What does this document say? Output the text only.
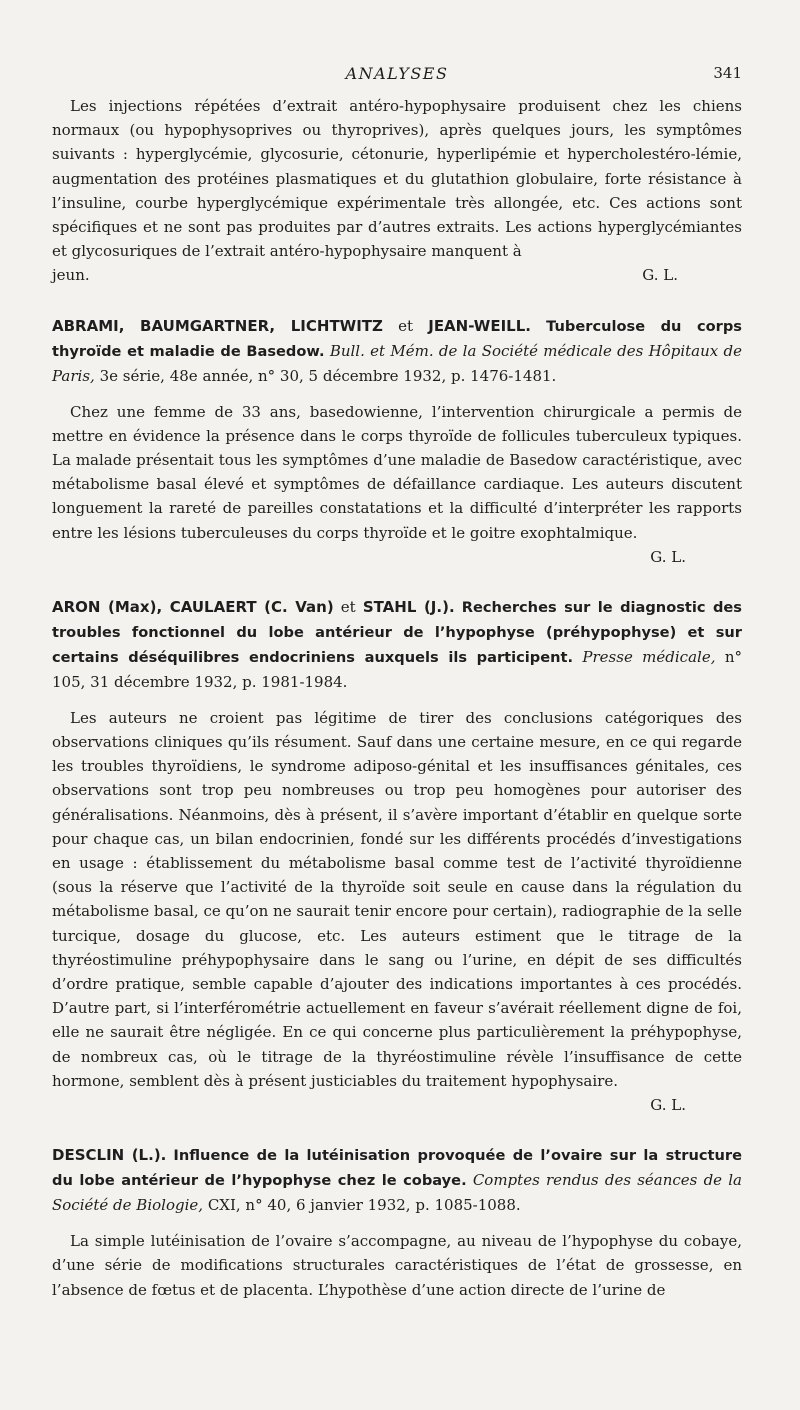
ANALYSES	341

Les injections répétées d’extrait antéro-hypophysaire produisent chez les chiens normaux (ou hypophysoprives ou thyroprives), après quelques jours, les symptômes suivants : hyperglycémie, glycosurie, cétonurie, hyperlipémie et hypercholestéro-lémie, augmentation des protéines plasmatiques et du glutathion globulaire, forte résistance à l’insuline, courbe hyperglycémique expérimentale très allongée, etc. Ces actions sont spécifiques et ne sont pas produites par d’autres extraits. Les actions hyperglycémiantes et glycosuriques de l’extrait antéro-hypophysaire manquent à

jeun.	G. L.
ABRAMI, BAUMGARTNER, LICHTWITZ et JEAN-WEILL. Tuberculose du corps thyroïde et maladie de Basedow. Bull. et Mém. de la Société médicale des Hôpitaux de Paris, 3e série, 48e année, n° 30, 5 décembre 1932, p. 1476-1481.

Chez une femme de 33 ans, basedowienne, l’intervention chirurgicale a permis de mettre en évidence la présence dans le corps thyroïde de follicules tuberculeux typiques. La malade présentait tous les symptômes d’une maladie de Basedow caractéristique, avec métabolisme basal élevé et symptômes de défaillance cardiaque. Les auteurs discutent longuement la rareté de pareilles constatations et la difficulté d’interpréter les rapports entre les lésions tuberculeuses du corps thyroïde et le goitre exophtalmique.

G. L.
ARON (Max), CAULAERT (C. Van) et STAHL (J.). Recherches sur le diagnostic des troubles fonctionnel du lobe antérieur de l’hypophyse (préhypophyse) et sur certains déséquilibres endocriniens auxquels ils participent. Presse médicale, n° 105, 31 décembre 1932, p. 1981-1984.

Les auteurs ne croient pas légitime de tirer des conclusions catégoriques des observations cliniques qu’ils résument. Sauf dans une certaine mesure, en ce qui regarde les troubles thyroïdiens, le syndrome adiposo-génital et les insuffisances génitales, ces observations sont trop peu nombreuses ou trop peu homogènes pour autoriser des généralisations. Néanmoins, dès à présent, il s’avère important d’établir en quelque sorte pour chaque cas, un bilan endocrinien, fondé sur les différents procédés d’investigations en usage : établissement du métabolisme basal comme test de l’activité thyroïdienne (sous la réserve que l’activité de la thyroïde soit seule en cause dans la régulation du métabolisme basal, ce qu’on ne saurait tenir encore pour certain), radiographie de la selle turcique, dosage du glucose, etc. Les auteurs estiment que le titrage de la thyréostimuline préhypophysaire dans le sang ou l’urine, en dépit de ses difficultés d’ordre pratique, semble capable d’ajouter des indications importantes à ces procédés. D’autre part, si l’interférométrie actuellement en faveur s’avérait réellement digne de foi, elle ne saurait être négligée. En ce qui concerne plus particulièrement la préhypophyse, de nombreux cas, où le titrage de la thyréostimuline révèle l’insuffisance de cette hormone, semblent dès à présent justiciables du traitement hypophysaire.

G. L.
DESCLIN (L.). Influence de la lutéinisation provoquée de l’ovaire sur la structure du lobe antérieur de l’hypophyse chez le cobaye. Comptes rendus des séances de la Société de Biologie, CXI, n° 40, 6 janvier 1932, p. 1085-1088.

La simple lutéinisation de l’ovaire s’accompagne, au niveau de l’hypophyse du cobaye, d’une série de modifications structurales caractéristiques de l’état de grossesse, en l’absence de fœtus et de placenta. L’hypothèse d’une action directe de l’urine de
